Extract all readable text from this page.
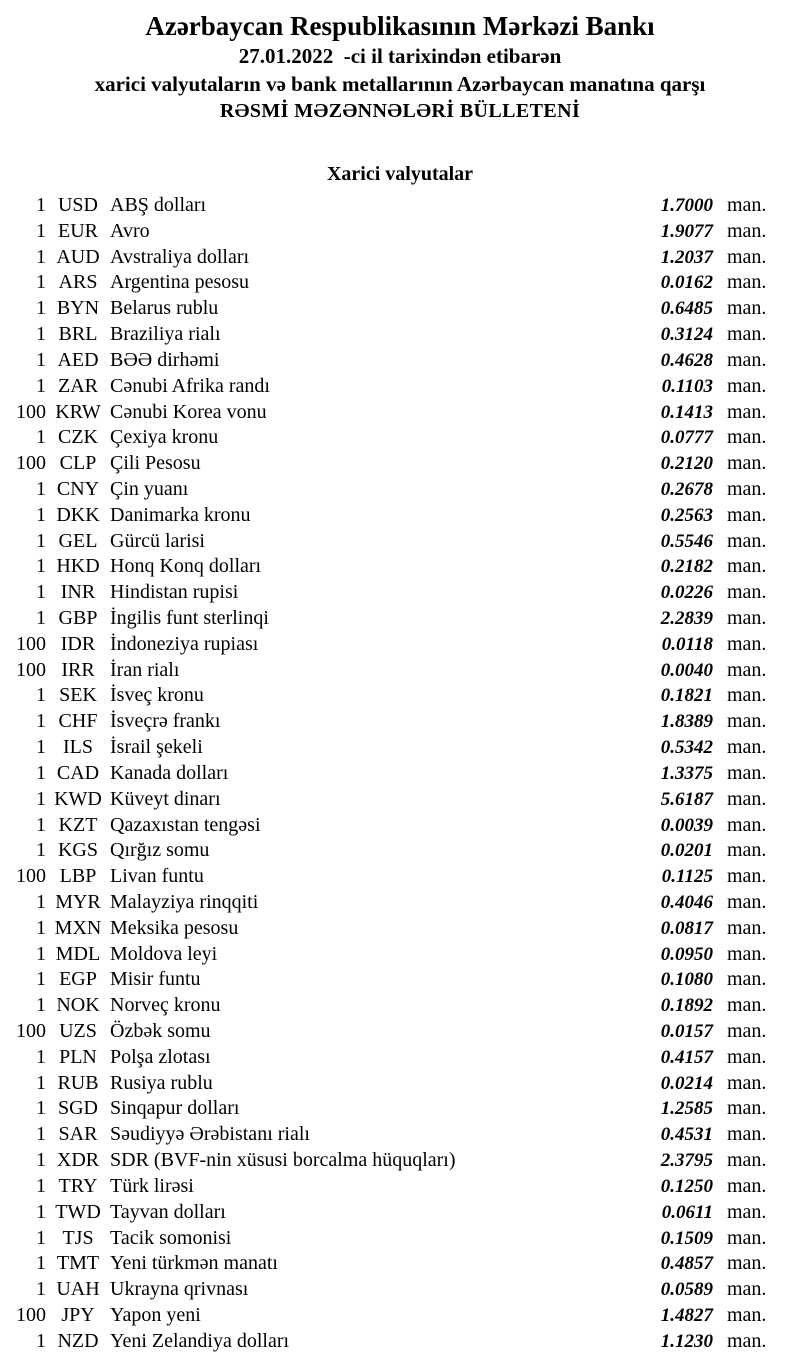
Azərbaycan Respublikasının Mərkəzi Bankı
27.01.2022  -ci il tarixindən etibarən
xarici valyutaların və bank metallarının Azərbaycan manatına qarşı
RƏSMİ MƏZƏNNƏLƏRİ BÜLLETENİ
Xarici valyutalar
1 USD ABŞ dolları	1.7000 man.
1 EUR Avro	1.9077 man.
1 AUD Avstraliya dolları	1.2037 man.
1 ARS Argentina pesosu	0.0162 man.
1 BYN Belarus rublu	0.6485 man.
1 BRL Braziliya rialı	0.3124 man.
1 AED BƏƏ dirhəmi	0.4628 man.
1 ZAR Cənubi Afrika randı	0.1103 man.
100 KRW Cənubi Korea vonu	0.1413 man.
1 CZK Çexiya kronu	0.0777 man.
100 CLP Çili Pesosu	0.2120 man.
1 CNY Çin yuanı	0.2678 man.
1 DKK Danimarka kronu	0.2563 man.
1 GEL Gürcü larisi	0.5546 man.
1 HKD Honq Konq dolları	0.2182 man.
1 INR Hindistan rupisi	0.0226 man.
1 GBP İngilis funt sterlinqi	2.2839 man.
100 IDR İndoneziya rupiası	0.0118 man.
100 IRR İran rialı	0.0040 man.
1 SEK İsveç kronu	0.1821 man.
1 CHF İsveçrə frankı	1.8389 man.
1 ILS İsrail şekeli	0.5342 man.
1 CAD Kanada dolları	1.3375 man.
1 KWD Küveyt dinarı	5.6187 man.
1 KZT Qazaxıstan tengəsi	0.0039 man.
1 KGS Qırğız somu	0.0201 man.
100 LBP Livan funtu	0.1125 man.
1 MYR Malayziya rinqqiti	0.4046 man.
1 MXN Meksika pesosu	0.0817 man.
1 MDL Moldova leyi	0.0950 man.
1 EGP Misir funtu	0.1080 man.
1 NOK Norveç kronu	0.1892 man.
100 UZS Özbək somu	0.0157 man.
1 PLN Polşa zlotası	0.4157 man.
1 RUB Rusiya rublu	0.0214 man.
1 SGD Sinqapur dolları	1.2585 man.
1 SAR Səudiyyə Ərəbistanı rialı	0.4531 man.
1 XDR SDR (BVF-nin xüsusi borcalma hüquqları)	2.3795 man.
1 TRY Türk lirəsi	0.1250 man.
1 TWD Tayvan dolları	0.0611 man.
1 TJS Tacik somonisi	0.1509 man.
1 TMT Yeni türkmən manatı	0.4857 man.
1 UAH Ukrayna qrivnası	0.0589 man.
100 JPY Yapon yeni	1.4827 man.
1 NZD Yeni Zelandiya dolları	1.1230 man.
